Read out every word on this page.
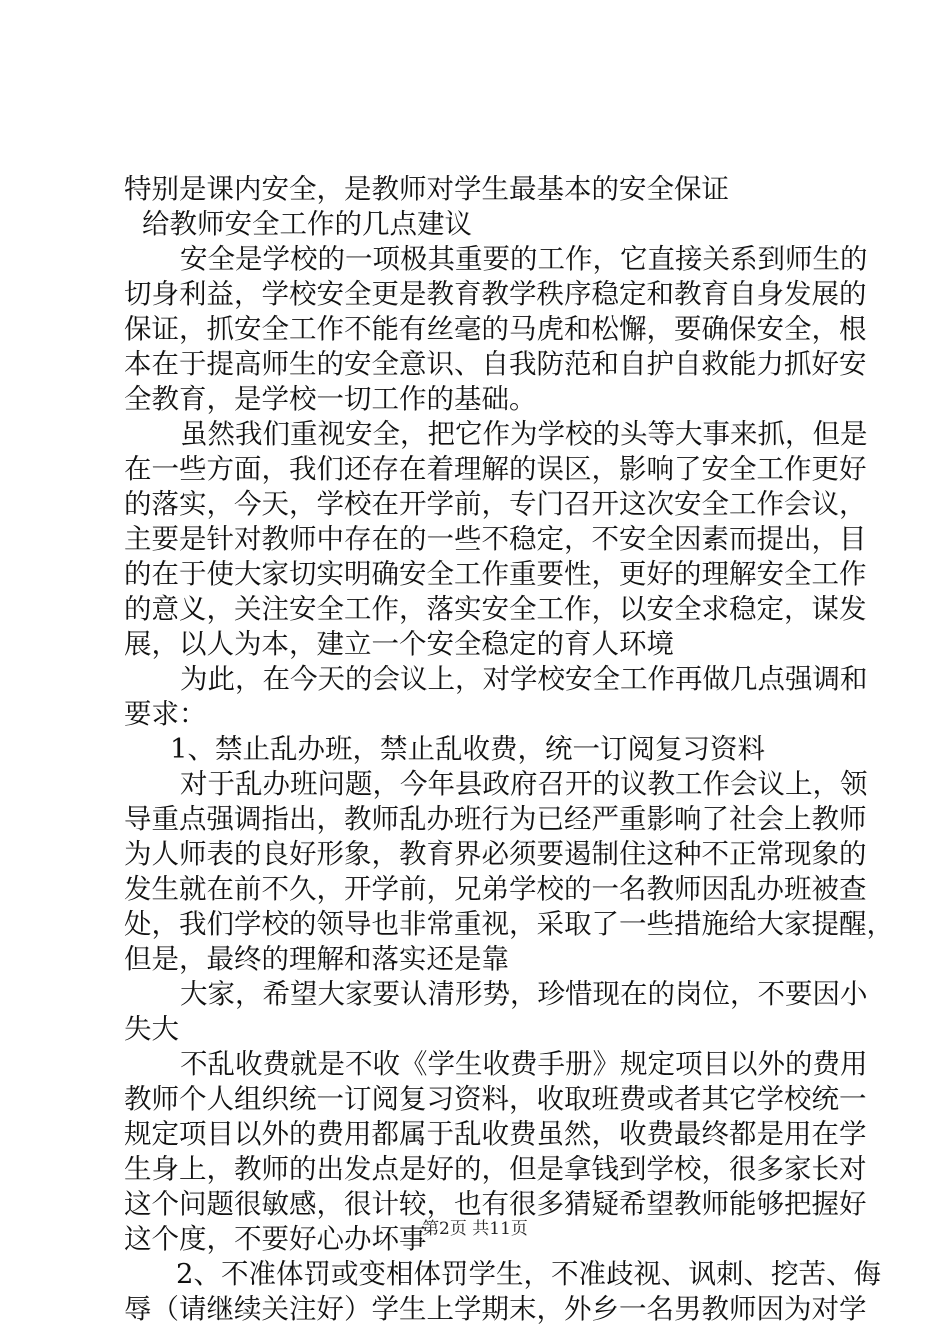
特别是课内安全，是教师对学生最基本的安全保证
给教师安全工作的几点建议
安全是学校的一项极其重要的工作，它直接关系到师生的
切身利益，学校安全更是教育教学秩序稳定和教育自身发展的
保证，抓安全工作不能有丝毫的马虎和松懈，要确保安全，根
本在于提高师生的安全意识、自我防范和自护自救能力抓好安
全教育，是学校一切工作的基础。
虽然我们重视安全，把它作为学校的头等大事来抓，但是
在一些方面，我们还存在着理解的误区，影响了安全工作更好
的落实，今天，学校在开学前，专门召开这次安全工作会议，
主要是针对教师中存在的一些不稳定，不安全因素而提出，目
的在于使大家切实明确安全工作重要性，更好的理解安全工作
的意义，关注安全工作，落实安全工作，以安全求稳定，谋发
展，以人为本，建立一个安全稳定的育人环境
为此，在今天的会议上，对学校安全工作再做几点强调和
要求：
1、禁止乱办班，禁止乱收费，统一订阅复习资料
对于乱办班问题，今年县政府召开的议教工作会议上，领
导重点强调指出，教师乱办班行为已经严重影响了社会上教师
为人师表的良好形象，教育界必须要遏制住这种不正常现象的
发生就在前不久，开学前，兄弟学校的一名教师因乱办班被查
处，我们学校的领导也非常重视，采取了一些措施给大家提醒，
但是，最终的理解和落实还是靠
大家，希望大家要认清形势，珍惜现在的岗位，不要因小
失大
不乱收费就是不收《学生收费手册》规定项目以外的费用
教师个人组织统一订阅复习资料，收取班费或者其它学校统一
规定项目以外的费用都属于乱收费虽然，收费最终都是用在学
生身上，教师的出发点是好的，但是拿钱到学校，很多家长对
这个问题很敏感，很计较，也有很多猜疑希望教师能够把握好
这个度，不要好心办坏事
2、不准体罚或变相体罚学生，不准歧视、讽刺、挖苦、侮
辱（请继续关注好）学生上学期末，外乡一名男教师因为对学
第2页 共11页
